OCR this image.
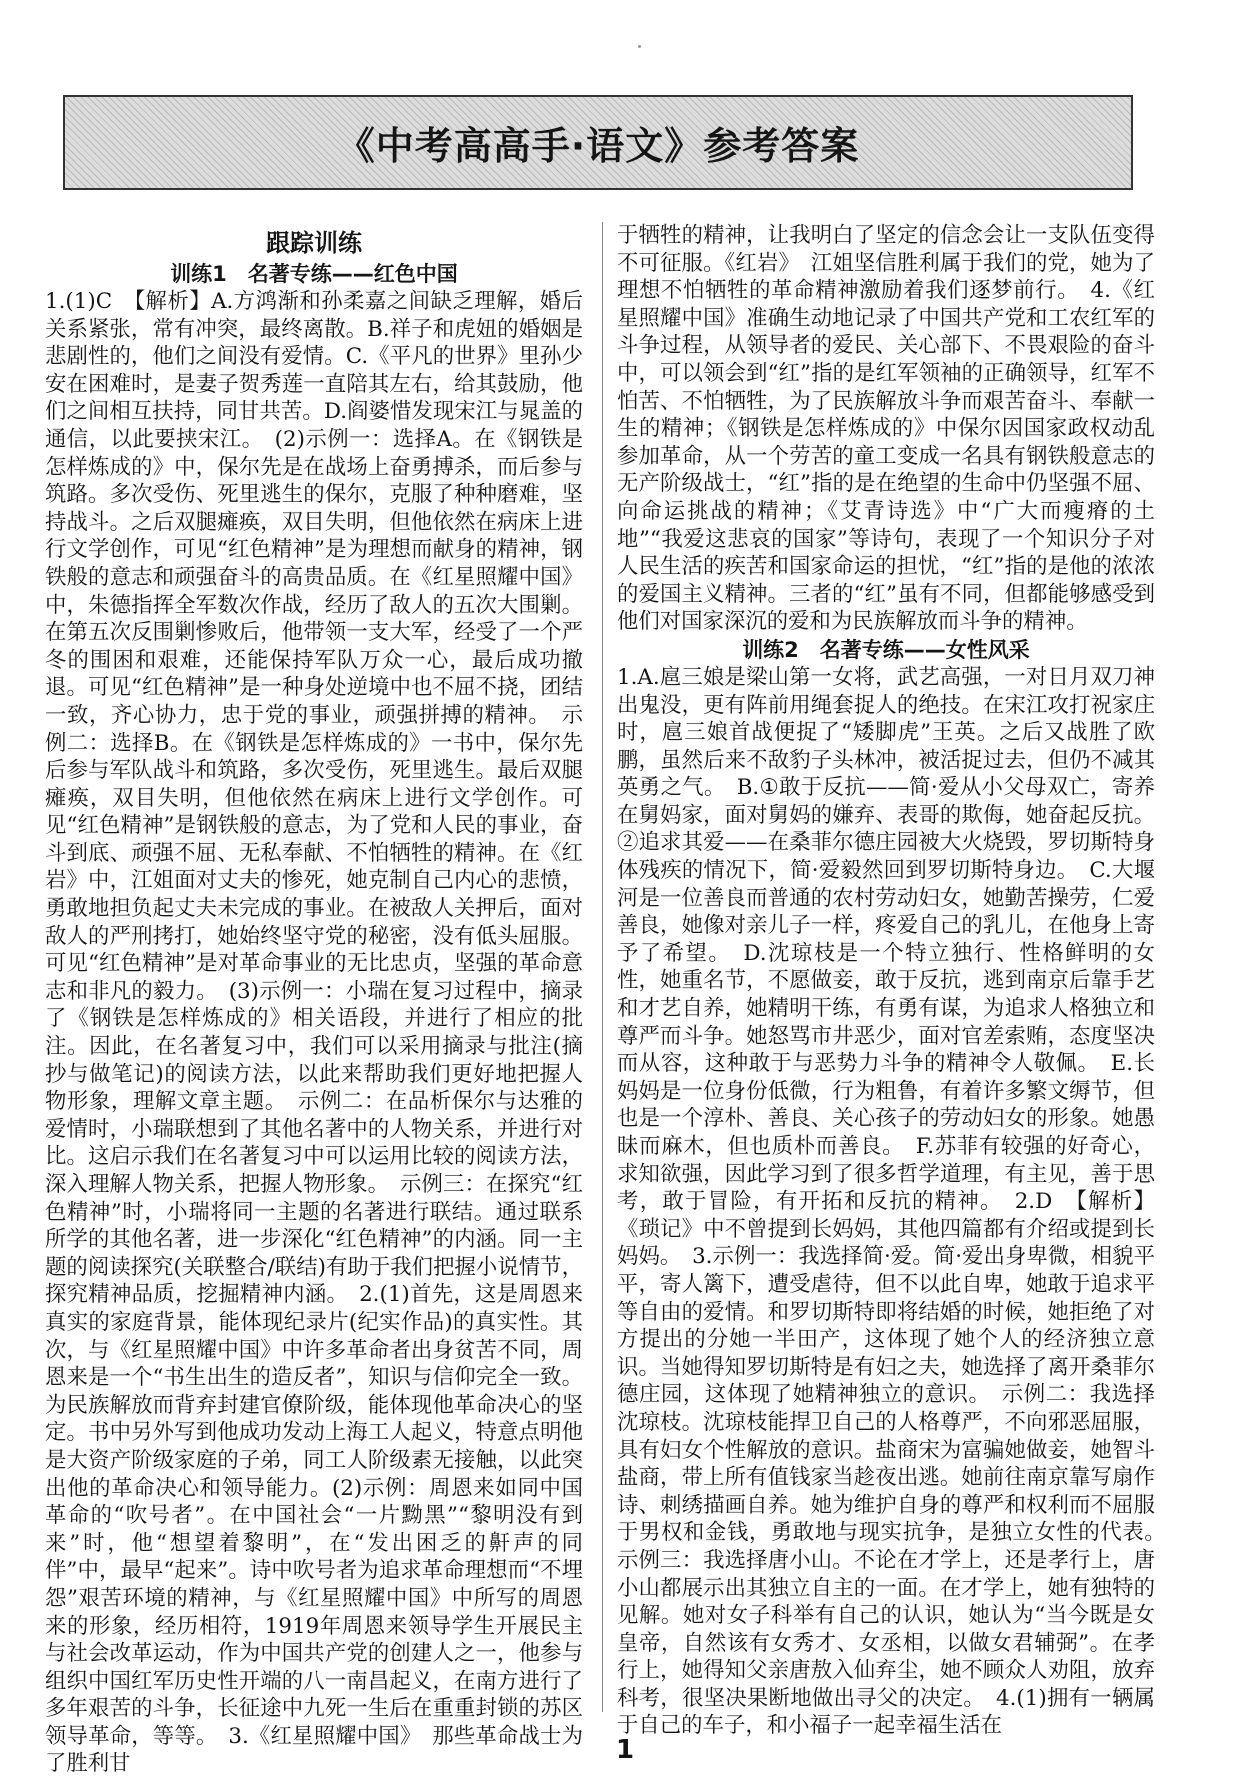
《中考高高手·语文》参考答案
跟踪训练
训练1　名著专练——红色中国

1.(1)C　【解析】A.方鸿渐和孙柔嘉之间缺乏理解，婚后关系紧张，常有冲突，最终离散。B.祥子和虎妞的婚姻是悲剧性的，他们之间没有爱情。C.《平凡的世界》里孙少安在困难时，是妻子贺秀莲一直陪其左右，给其鼓励，他们之间相互扶持，同甘共苦。D.阎婆惜发现宋江与晁盖的通信，以此要挟宋江。　(2)示例一：选择A。在《钢铁是怎样炼成的》中，保尔先是在战场上奋勇搏杀，而后参与筑路。多次受伤、死里逃生的保尔，克服了种种磨难，坚持战斗。之后双腿瘫痪，双目失明，但他依然在病床上进行文学创作，可见“红色精神”是为理想而献身的精神，钢铁般的意志和顽强奋斗的高贵品质。在《红星照耀中国》中，朱德指挥全军数次作战，经历了敌人的五次大围剿。在第五次反围剿惨败后，他带领一支大军，经受了一个严冬的围困和艰难，还能保持军队万众一心，最后成功撤退。可见“红色精神”是一种身处逆境中也不屈不挠，团结一致，齐心协力，忠于党的事业，顽强拼搏的精神。　示例二：选择B。在《钢铁是怎样炼成的》一书中，保尔先后参与军队战斗和筑路，多次受伤，死里逃生。最后双腿瘫痪，双目失明，但他依然在病床上进行文学创作。可见“红色精神”是钢铁般的意志，为了党和人民的事业，奋斗到底、顽强不屈、无私奉献、不怕牺牲的精神。在《红岩》中，江姐面对丈夫的惨死，她克制自己内心的悲愤，勇敢地担负起丈夫未完成的事业。在被敌人关押后，面对敌人的严刑拷打，她始终坚守党的秘密，没有低头屈服。可见“红色精神”是对革命事业的无比忠贞，坚强的革命意志和非凡的毅力。　(3)示例一：小瑞在复习过程中，摘录了《钢铁是怎样炼成的》相关语段，并进行了相应的批注。因此，在名著复习中，我们可以采用摘录与批注(摘抄与做笔记)的阅读方法，以此来帮助我们更好地把握人物形象，理解文章主题。　示例二：在品析保尔与达雅的爱情时，小瑞联想到了其他名著中的人物关系，并进行对比。这启示我们在名著复习中可以运用比较的阅读方法，深入理解人物关系，把握人物形象。　示例三：在探究“红色精神”时，小瑞将同一主题的名著进行联结。通过联系所学的其他名著，进一步深化“红色精神”的内涵。同一主题的阅读探究(关联整合/联结)有助于我们把握小说情节，探究精神品质，挖掘精神内涵。　2.(1)首先，这是周恩来真实的家庭背景，能体现纪录片(纪实作品)的真实性。其次，与《红星照耀中国》中许多革命者出身贫苦不同，周恩来是一个“书生出生的造反者”，知识与信仰完全一致。为民族解放而背弃封建官僚阶级，能体现他革命决心的坚定。书中另外写到他成功发动上海工人起义，特意点明他是大资产阶级家庭的子弟，同工人阶级素无接触，以此突出他的革命决心和领导能力。(2)示例：周恩来如同中国革命的“吹号者”。在中国社会“一片黝黑”“黎明没有到来”时，他“想望着黎明”，在“发出困乏的鼾声的同伴”中，最早“起来”。诗中吹号者为追求革命理想而“不埋怨”艰苦环境的精神，与《红星照耀中国》中所写的周恩来的形象，经历相符，1919年周恩来领导学生开展民主与社会改革运动，作为中国共产党的创建人之一，他参与组织中国红军历史性开端的八一南昌起义，在南方进行了多年艰苦的斗争，长征途中九死一生后在重重封锁的苏区领导革命，等等。　3.《红星照耀中国》　那些革命战士为了胜利甘

于牺牲的精神，让我明白了坚定的信念会让一支队伍变得不可征服。《红岩》　江姐坚信胜利属于我们的党，她为了理想不怕牺牲的革命精神激励着我们逐梦前行。　4.《红星照耀中国》准确生动地记录了中国共产党和工农红军的斗争过程，从领导者的爱民、关心部下、不畏艰险的奋斗中，可以领会到“红”指的是红军领袖的正确领导，红军不怕苦、不怕牺牲，为了民族解放斗争而艰苦奋斗、奉献一生的精神；《钢铁是怎样炼成的》中保尔因国家政权动乱参加革命，从一个劳苦的童工变成一名具有钢铁般意志的无产阶级战士，“红”指的是在绝望的生命中仍坚强不屈、向命运挑战的精神；《艾青诗选》中“广大而瘦瘠的土地”“我爱这悲哀的国家”等诗句，表现了一个知识分子对人民生活的疾苦和国家命运的担忧，“红”指的是他的浓浓的爱国主义精神。三者的“红”虽有不同，但都能够感受到他们对国家深沉的爱和为民族解放而斗争的精神。

训练2　名著专练——女性风采

1.A.扈三娘是梁山第一女将，武艺高强，一对日月双刀神出鬼没，更有阵前用绳套捉人的绝技。在宋江攻打祝家庄时，扈三娘首战便捉了“矮脚虎”王英。之后又战胜了欧鹏，虽然后来不敌豹子头林冲，被活捉过去，但仍不减其英勇之气。　B.①敢于反抗——简·爱从小父母双亡，寄养在舅妈家，面对舅妈的嫌弃、表哥的欺侮，她奋起反抗。②追求其爱——在桑菲尔德庄园被大火烧毁，罗切斯特身体残疾的情况下，简·爱毅然回到罗切斯特身边。　C.大堰河是一位善良而普通的农村劳动妇女，她勤苦操劳，仁爱善良，她像对亲儿子一样，疼爱自己的乳儿，在他身上寄予了希望。　D.沈琼枝是一个特立独行、性格鲜明的女性，她重名节，不愿做妾，敢于反抗，逃到南京后靠手艺和才艺自养，她精明干练，有勇有谋，为追求人格独立和尊严而斗争。她怒骂市井恶少，面对官差索贿，态度坚决而从容，这种敢于与恶势力斗争的精神令人敬佩。　E.长妈妈是一位身份低微，行为粗鲁，有着许多繁文缛节，但也是一个淳朴、善良、关心孩子的劳动妇女的形象。她愚昧而麻木，但也质朴而善良。　F.苏菲有较强的好奇心，求知欲强，因此学习到了很多哲学道理，有主见，善于思考，敢于冒险，有开拓和反抗的精神。　2.D　【解析】《琐记》中不曾提到长妈妈，其他四篇都有介绍或提到长妈妈。　3.示例一：我选择简·爱。简·爱出身卑微，相貌平平，寄人篱下，遭受虐待，但不以此自卑，她敢于追求平等自由的爱情。和罗切斯特即将结婚的时候，她拒绝了对方提出的分她一半田产，这体现了她个人的经济独立意识。当她得知罗切斯特是有妇之夫，她选择了离开桑菲尔德庄园，这体现了她精神独立的意识。　示例二：我选择沈琼枝。沈琼枝能捍卫自己的人格尊严，不向邪恶屈服，具有妇女个性解放的意识。盐商宋为富骗她做妾，她智斗盐商，带上所有值钱家当趁夜出逃。她前往南京靠写扇作诗、刺绣描画自养。她为维护自身的尊严和权利而不屈服于男权和金钱，勇敢地与现实抗争，是独立女性的代表。　示例三：我选择唐小山。不论在才学上，还是孝行上，唐小山都展示出其独立自主的一面。在才学上，她有独特的见解。她对女子科举有自己的认识，她认为“当今既是女皇帝，自然该有女秀才、女丞相，以做女君辅弼”。在孝行上，她得知父亲唐敖入仙弃尘，她不顾众人劝阻，放弃科考，很坚决果断地做出寻父的决定。　4.(1)拥有一辆属于自己的车子，和小福子一起幸福生活在

1
